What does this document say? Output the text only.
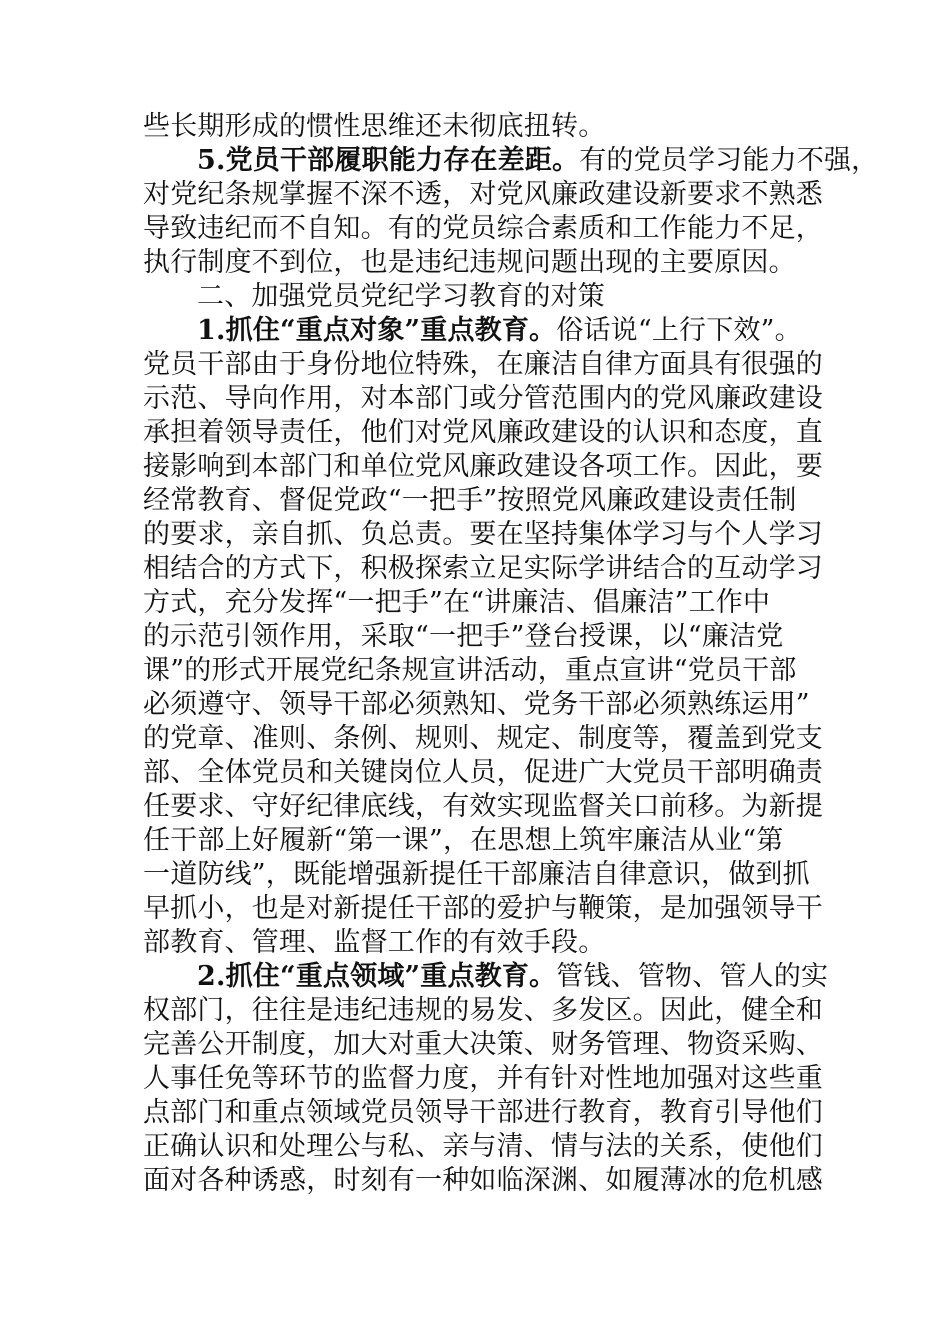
些长期形成的惯性思维还未彻底扭转。
5.党员干部履职能力存在差距。有的党员学习能力不强，
对党纪条规掌握不深不透，对党风廉政建设新要求不熟悉
导致违纪而不自知。有的党员综合素质和工作能力不足，
执行制度不到位，也是违纪违规问题出现的主要原因。
二、加强党员党纪学习教育的对策
1.抓住“重点对象”重点教育。俗话说“上行下效”。
党员干部由于身份地位特殊，在廉洁自律方面具有很强的
示范、导向作用，对本部门或分管范围内的党风廉政建设
承担着领导责任，他们对党风廉政建设的认识和态度，直
接影响到本部门和单位党风廉政建设各项工作。因此，要
经常教育、督促党政“一把手”按照党风廉政建设责任制
的要求，亲自抓、负总责。要在坚持集体学习与个人学习
相结合的方式下，积极探索立足实际学讲结合的互动学习
方式，充分发挥“一把手”在“讲廉洁、倡廉洁”工作中
的示范引领作用，采取“一把手”登台授课，以“廉洁党
课”的形式开展党纪条规宣讲活动，重点宣讲“党员干部
必须遵守、领导干部必须熟知、党务干部必须熟练运用”
的党章、准则、条例、规则、规定、制度等，覆盖到党支
部、全体党员和关键岗位人员，促进广大党员干部明确责
任要求、守好纪律底线，有效实现监督关口前移。为新提
任干部上好履新“第一课”，在思想上筑牢廉洁从业“第
一道防线”，既能增强新提任干部廉洁自律意识，做到抓
早抓小，也是对新提任干部的爱护与鞭策，是加强领导干
部教育、管理、监督工作的有效手段。
2.抓住“重点领域”重点教育。管钱、管物、管人的实
权部门，往往是违纪违规的易发、多发区。因此，健全和
完善公开制度，加大对重大决策、财务管理、物资采购、
人事任免等环节的监督力度，并有针对性地加强对这些重
点部门和重点领域党员领导干部进行教育，教育引导他们
正确认识和处理公与私、亲与清、情与法的关系，使他们
面对各种诱惑，时刻有一种如临深渊、如履薄冰的危机感
